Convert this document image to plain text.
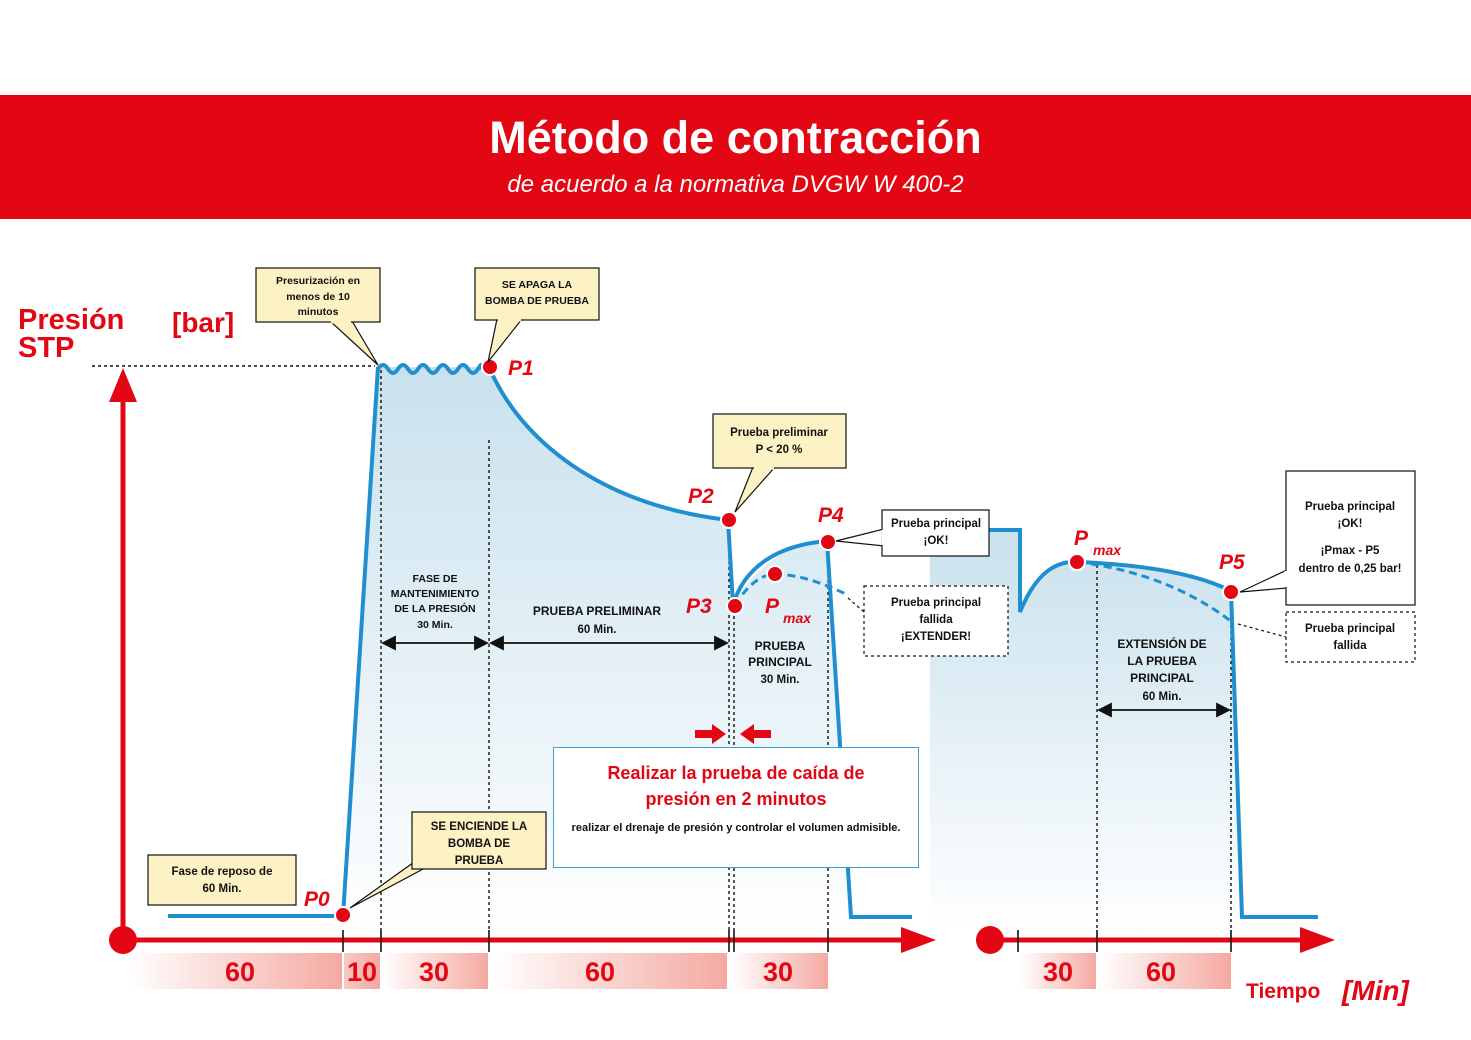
Método de contracción
de acuerdo a la normativa DVGW W 400-2
P0
P1
P2
P3
P4
P max
P max
P5
Presión
STP
[bar]
Tiempo [Min]
Presurización en
menos de 10
minutos
SE APAGA LA
BOMBA DE PRUEBA
Prueba preliminar
P < 20 %
Fase de reposo de
60 Min.
SE ENCIENDE LA
BOMBA DE
PRUEBA
Prueba principal
¡OK!
Prueba principal
fallida
¡EXTENDER!
Prueba principal
¡OK!
¡Pmax - P5
dentro de 0,25 bar!
Prueba principal
fallida
FASE DE
MANTENIMIENTO
DE LA PRESIÓN
30 Min.
PRUEBA PRELIMINAR
60 Min.
PRUEBA
PRINCIPAL
30 Min.
EXTENSIÓN DE
LA PRUEBA
PRINCIPAL
60 Min.
60	10 30	60	30	30	60
Realizar la prueba de caída de presión en 2 minutos
realizar el drenaje de presión y controlar el volumen admisible.
